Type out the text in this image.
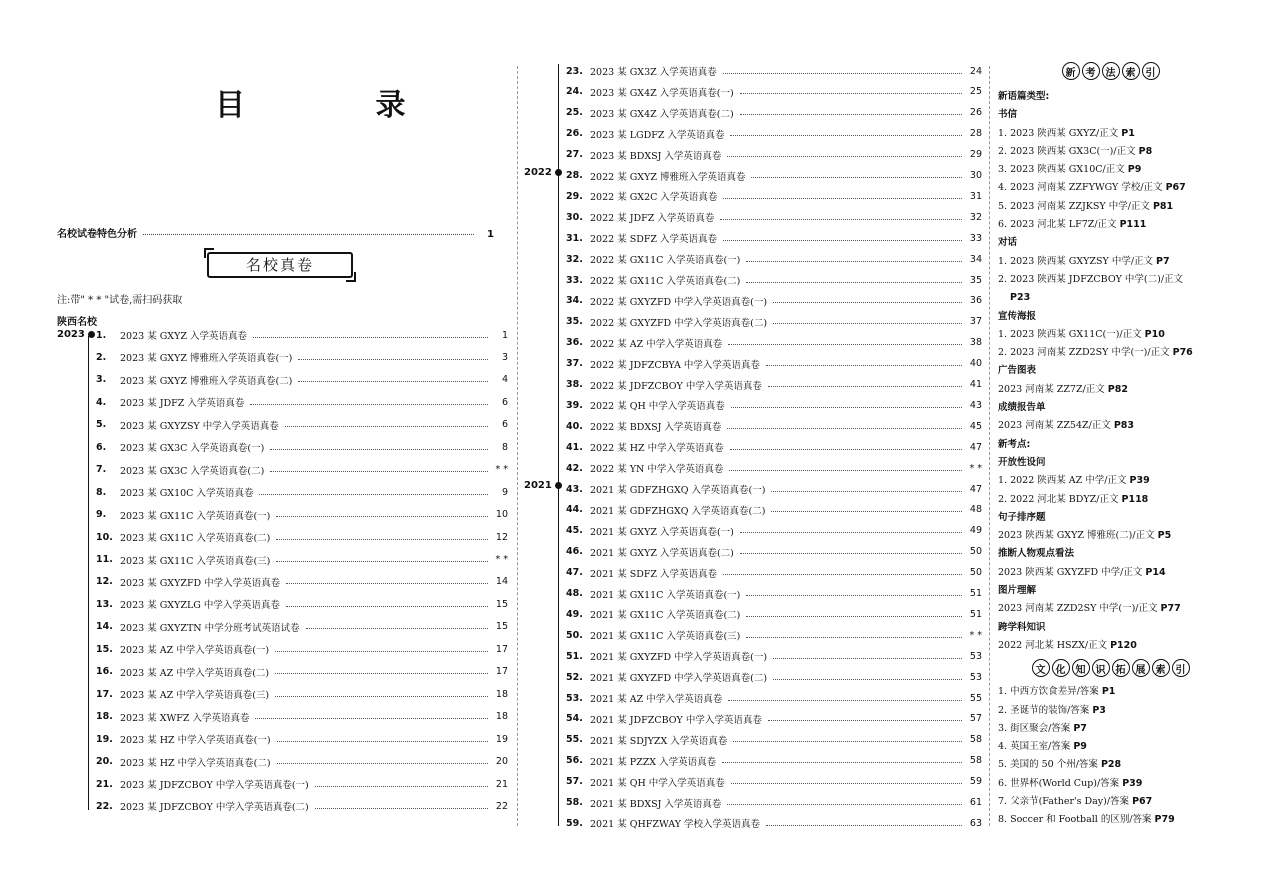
目 录
名校试卷特色分析	1
名校真卷
注:带" * * "试卷,需扫码获取
陕西名校
2023 1.	2023 某 GXYZ 入学英语真卷	1
2.	2023 某 GXYZ 博雅班入学英语真卷(一)	3
3.	2023 某 GXYZ 博雅班入学英语真卷(二)	4
4.	2023 某 JDFZ 入学英语真卷	6
5.	2023 某 GXYZSY 中学入学英语真卷	6
6.	2023 某 GX3C 入学英语真卷(一)	8
7.	2023 某 GX3C 入学英语真卷(二)	* *
8.	2023 某 GX10C 入学英语真卷	9
9.	2023 某 GX11C 入学英语真卷(一)	10
10. 2023 某 GX11C 入学英语真卷(二)	12
11. 2023 某 GX11C 入学英语真卷(三)	* *
12. 2023 某 GXYZFD 中学入学英语真卷	14
13. 2023 某 GXYZLG 中学入学英语真卷	15
14. 2023 某 GXYZTN 中学分班考试英语试卷	15
15. 2023 某 AZ 中学入学英语真卷(一)	17
16. 2023 某 AZ 中学入学英语真卷(二)	17
17. 2023 某 AZ 中学入学英语真卷(三)	18
18. 2023 某 XWFZ 入学英语真卷	18
19. 2023 某 HZ 中学入学英语真卷(一)	19
20. 2023 某 HZ 中学入学英语真卷(二)	20
21. 2023 某 JDFZCBOY 中学入学英语真卷(一)	21
22. 2023 某 JDFZCBOY 中学入学英语真卷(二)	22
2022
2021
23. 2023 某 GX3Z 入学英语真卷	24
24. 2023 某 GX4Z 入学英语真卷(一)	25
25. 2023 某 GX4Z 入学英语真卷(二)	26
26. 2023 某 LGDFZ 入学英语真卷	28
27. 2023 某 BDXSJ 入学英语真卷	29
28. 2022 某 GXYZ 博雅班入学英语真卷	30
29. 2022 某 GX2C 入学英语真卷	31
30. 2022 某 JDFZ 入学英语真卷	32
31. 2022 某 SDFZ 入学英语真卷	33
32. 2022 某 GX11C 入学英语真卷(一)	34
33. 2022 某 GX11C 入学英语真卷(二)	35
34. 2022 某 GXYZFD 中学入学英语真卷(一)	36
35. 2022 某 GXYZFD 中学入学英语真卷(二)	37
36. 2022 某 AZ 中学入学英语真卷	38
37. 2022 某 JDFZCBYA 中学入学英语真卷	40
38. 2022 某 JDFZCBOY 中学入学英语真卷	41
39. 2022 某 QH 中学入学英语真卷	43
40. 2022 某 BDXSJ 入学英语真卷	45
41. 2022 某 HZ 中学入学英语真卷	47
42. 2022 某 YN 中学入学英语真卷	* *
43. 2021 某 GDFZHGXQ 入学英语真卷(一)	47
44. 2021 某 GDFZHGXQ 入学英语真卷(二)	48
45. 2021 某 GXYZ 入学英语真卷(一)	49
46. 2021 某 GXYZ 入学英语真卷(二)	50
47. 2021 某 SDFZ 入学英语真卷	50
48. 2021 某 GX11C 入学英语真卷(一)	51
49. 2021 某 GX11C 入学英语真卷(二)	51
50. 2021 某 GX11C 入学英语真卷(三)	* *
51. 2021 某 GXYZFD 中学入学英语真卷(一)	53
52. 2021 某 GXYZFD 中学入学英语真卷(二)	53
53. 2021 某 AZ 中学入学英语真卷	55
54. 2021 某 JDFZCBOY 中学入学英语真卷	57
55. 2021 某 SDJYZX 入学英语真卷	58
56. 2021 某 PZZX 入学英语真卷	58
57. 2021 某 QH 中学入学英语真卷	59
58. 2021 某 BDXSJ 入学英语真卷	61
59. 2021 某 QHFZWAY 学校入学英语真卷	63
新	考	法	索	引
新语篇类型:
书信
1. 2023 陕西某 GXYZ/正文 P1
2. 2023 陕西某 GX3C(一)/正文 P8
3. 2023 陕西某 GX10C/正文 P9
4. 2023 河南某 ZZFYWGY 学校/正文 P67
5. 2023 河南某 ZZJKSY 中学/正文 P81
6. 2023 河北某 LF7Z/正文 P111
对话
1. 2023 陕西某 GXYZSY 中学/正文 P7
2. 2023 陕西某 JDFZCBOY 中学(二)/正文
P23
宣传海报
1. 2023 陕西某 GX11C(一)/正文 P10
2. 2023 河南某 ZZD2SY 中学(一)/正文 P76
广告图表
2023 河南某 ZZ7Z/正文 P82
成绩报告单
2023 河南某 ZZ54Z/正文 P83
新考点:
开放性设问
1. 2022 陕西某 AZ 中学/正文 P39
2. 2022 河北某 BDYZ/正文 P118
句子排序题
2023 陕西某 GXYZ 博雅班(二)/正文 P5
推断人物观点看法
2023 陕西某 GXYZFD 中学/正文 P14
图片理解
2023 河南某 ZZD2SY 中学(一)/正文 P77
跨学科知识
2022 河北某 HSZX/正文 P120
文	化	知	识	拓	展	索	引
1. 中西方饮食差异/答案 P1
2. 圣诞节的装饰/答案 P3
3. 街区聚会/答案 P7
4. 英国王室/答案 P9
5. 美国的 50 个州/答案 P28
6. 世界杯(World Cup)/答案 P39
7. 父亲节(Father's Day)/答案 P67
8. Soccer 和 Football 的区别/答案 P79
